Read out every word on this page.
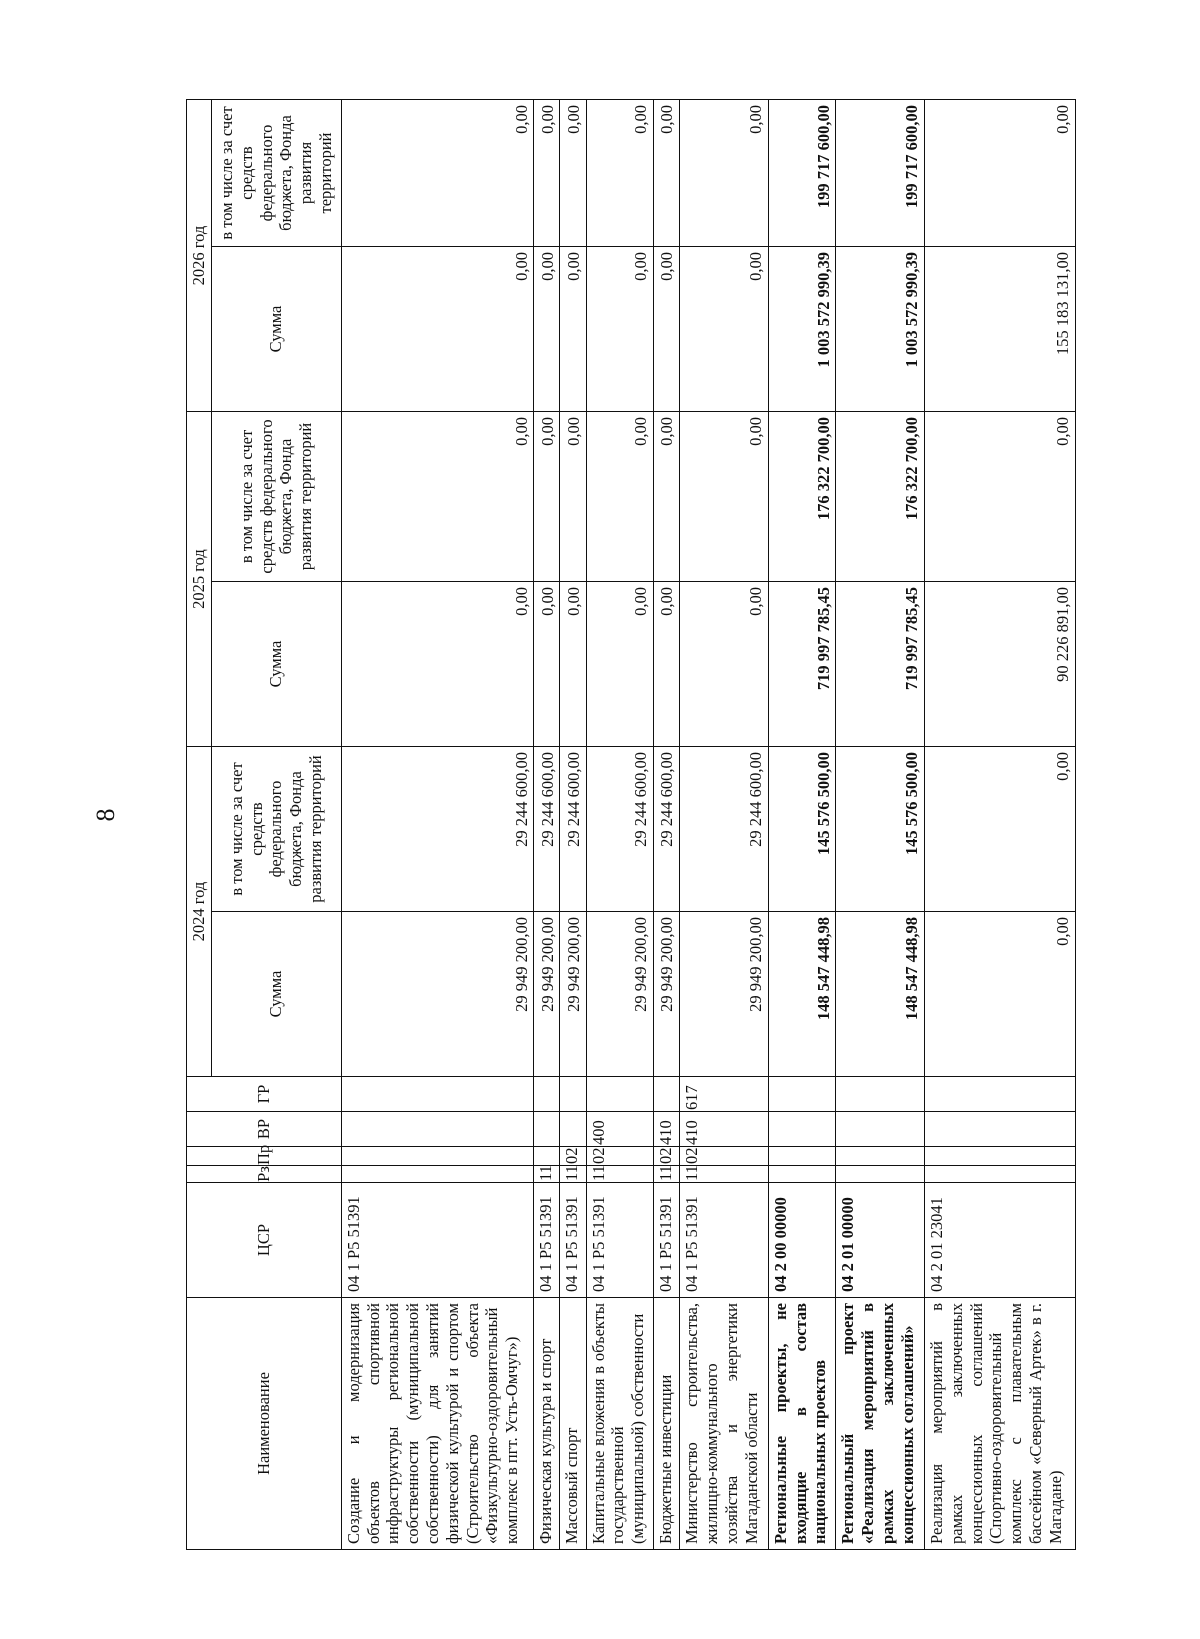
8
Наименование	ЦСР	Рз	Пр	ВР	ГР	2024 год		2025 год		2026 год	
						Сумма	в том числе за счет средств федерального бюджета, Фонда развития территорий	Сумма	в том числе за счет средств федерального бюджета, Фонда развития территорий	Сумма	в том числе за счет средств федерального бюджета, Фонда развития территорий
Создание и модернизация объектов спортивной инфраструктуры региональной собственности (муниципальной собственности) для занятий физической культурой и спортом (Строительство объекта «Физкультурно-оздоровительный комплекс в пгт. Усть-Омчуг»)	04 1 P5 51391					29 949 200,00	29 244 600,00	0,00	0,00	0,00	0,00
Физическая культура и спорт	04 1 P5 51391	11				29 949 200,00	29 244 600,00	0,00	0,00	0,00	0,00
Массовый спорт	04 1 P5 51391	11	02			29 949 200,00	29 244 600,00	0,00	0,00	0,00	0,00
Капитальные вложения в объекты государственной (муниципальной) собственности	04 1 P5 51391	11	02	400		29 949 200,00	29 244 600,00	0,00	0,00	0,00	0,00
Бюджетные инвестиции	04 1 P5 51391	11	02	410		29 949 200,00	29 244 600,00	0,00	0,00	0,00	0,00
Министерство строительства, жилищно-коммунального хозяйства и энергетики Магаданской области	04 1 P5 51391	11	02	410	617	29 949 200,00	29 244 600,00	0,00	0,00	0,00	0,00
Региональные проекты, не входящие в состав национальных проектов	04 2 00 00000					148 547 448,98	145 576 500,00	719 997 785,45	176 322 700,00	1 003 572 990,39	199 717 600,00
Региональный проект «Реализация мероприятий в рамках заключенных концессионных соглашений»	04 2 01 00000					148 547 448,98	145 576 500,00	719 997 785,45	176 322 700,00	1 003 572 990,39	199 717 600,00
Реализация мероприятий в рамках заключенных концессионных соглашений (Спортивно-оздоровительный комплекс с плавательным бассейном «Северный Артек» в г. Магадане)	04 2 01 23041					0,00	0,00	90 226 891,00	0,00	155 183 131,00	0,00
